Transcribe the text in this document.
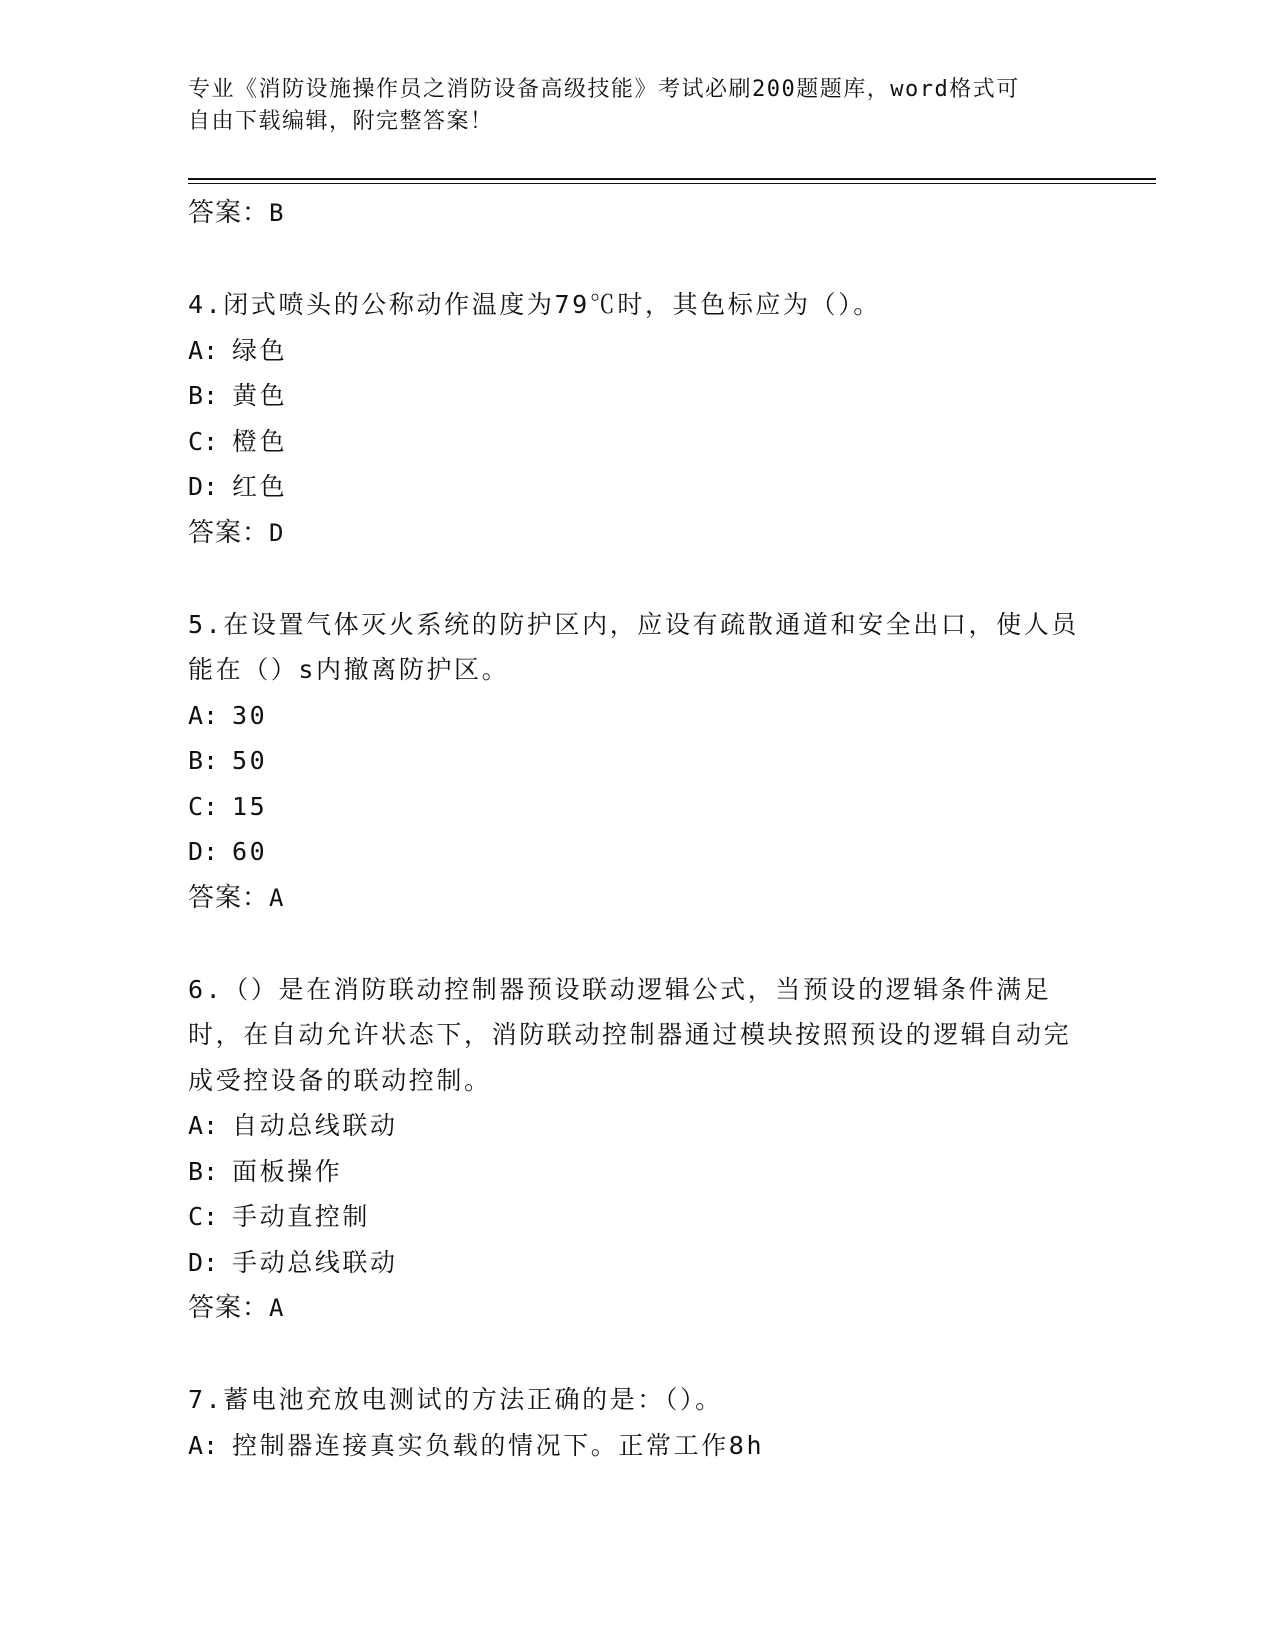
专业《消防设施操作员之消防设备高级技能》考试必刷200题题库，word格式可
自由下载编辑，附完整答案！
答案：B
4.闭式喷头的公称动作温度为79℃时，其色标应为（）。
A: 绿色
B: 黄色
C: 橙色
D: 红色
答案：D
5.在设置气体灭火系统的防护区内，应设有疏散通道和安全出口，使人员能在（）s内撤离防护区。
A: 30
B: 50
C: 15
D: 60
答案：A
6.（）是在消防联动控制器预设联动逻辑公式，当预设的逻辑条件满足时，在自动允许状态下，消防联动控制器通过模块按照预设的逻辑自动完成受控设备的联动控制。
A: 自动总线联动
B: 面板操作
C: 手动直控制
D: 手动总线联动
答案：A
7.蓄电池充放电测试的方法正确的是：（）。
A: 控制器连接真实负载的情况下。正常工作8h
